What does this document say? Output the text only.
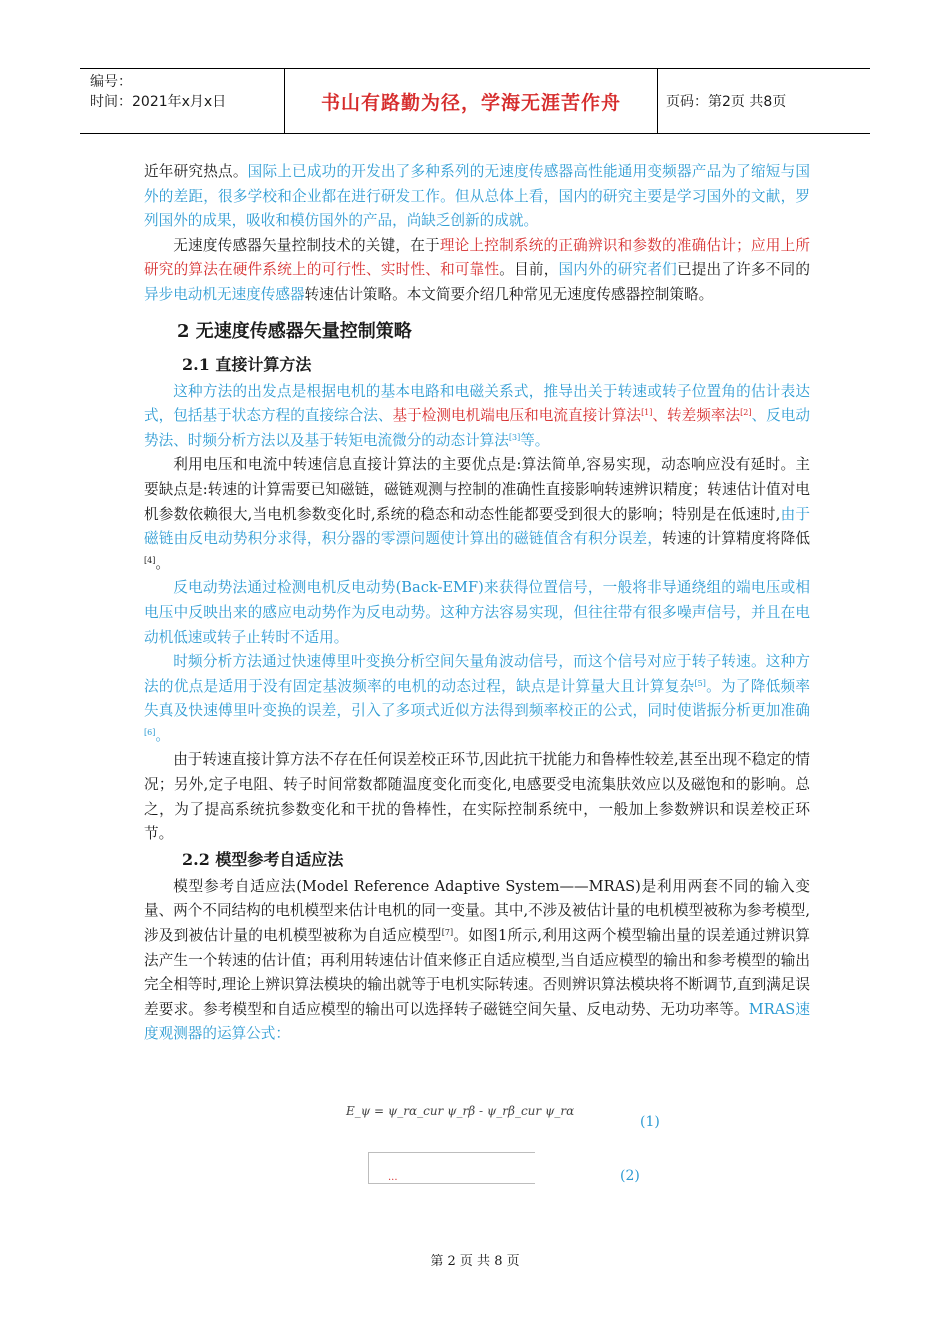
编号：
时间：2021年x月x日	书山有路勤为径，学海无涯苦作舟	页码：第2页 共8页

近年研究热点。国际上已成功的开发出了多种系列的无速度传感器高性能通用变频器产品为了缩短与国外的差距，很多学校和企业都在进行研发工作。但从总体上看，国内的研究主要是学习国外的文献，罗列国外的成果，吸收和模仿国外的产品，尚缺乏创新的成就。

无速度传感器矢量控制技术的关键，在于理论上控制系统的正确辨识和参数的准确估计；应用上所研究的算法在硬件系统上的可行性、实时性、和可靠性。目前，国内外的研究者们已提出了许多不同的异步电动机无速度传感器转速估计策略。本文简要介绍几种常见无速度传感器控制策略。

2 无速度传感器矢量控制策略

2.1 直接计算方法

这种方法的出发点是根据电机的基本电路和电磁关系式，推导出关于转速或转子位置角的估计表达式，包括基于状态方程的直接综合法、基于检测电机端电压和电流直接计算法[1]、转差频率法[2]、反电动势法、时频分析方法以及基于转矩电流微分的动态计算法[3]等。

利用电压和电流中转速信息直接计算法的主要优点是:算法简单,容易实现，动态响应没有延时。主要缺点是:转速的计算需要已知磁链，磁链观测与控制的准确性直接影响转速辨识精度；转速估计值对电机参数依赖很大,当电机参数变化时,系统的稳态和动态性能都要受到很大的影响；特别是在低速时,由于磁链由反电动势积分求得，积分器的零漂问题使计算出的磁链值含有积分误差，转速的计算精度将降低[4]。

反电动势法通过检测电机反电动势(Back-EMF)来获得位置信号，一般将非导通绕组的端电压或相电压中反映出来的感应电动势作为反电动势。这种方法容易实现，但往往带有很多噪声信号，并且在电动机低速或转子止转时不适用。

时频分析方法通过快速傅里叶变换分析空间矢量角波动信号，而这个信号对应于转子转速。这种方法的优点是适用于没有固定基波频率的电机的动态过程，缺点是计算量大且计算复杂[5]。为了降低频率失真及快速傅里叶变换的误差，引入了多项式近似方法得到频率校正的公式，同时使谐振分析更加准确[6]。

由于转速直接计算方法不存在任何误差校正环节,因此抗干扰能力和鲁棒性较差,甚至出现不稳定的情况；另外,定子电阻、转子时间常数都随温度变化而变化,电感要受电流集肤效应以及磁饱和的影响。总之，为了提高系统抗参数变化和干扰的鲁棒性，在实际控制系统中，一般加上参数辨识和误差校正环节。

2.2 模型参考自适应法

模型参考自适应法(Model Reference Adaptive System——MRAS)是利用两套不同的输入变量、两个不同结构的电机模型来估计电机的同一变量。其中,不涉及被估计量的电机模型被称为参考模型,涉及到被估计量的电机模型被称为自适应模型[7]。如图1所示,利用这两个模型输出量的误差通过辨识算法产生一个转速的估计值；再利用转速估计值来修正自适应模型,当自适应模型的输出和参考模型的输出完全相等时,理论上辨识算法模块的输出就等于电机实际转速。否则辨识算法模块将不断调节,直到满足误差要求。参考模型和自适应模型的输出可以选择转子磁链空间矢量、反电动势、无功功率等。MRAS速度观测器的运算公式：

E_ψ = ψ_rα_cur ψ_rβ - ψ_rβ_cur ψ_rα
(1)
...	(2)
第 2 页 共 8 页
